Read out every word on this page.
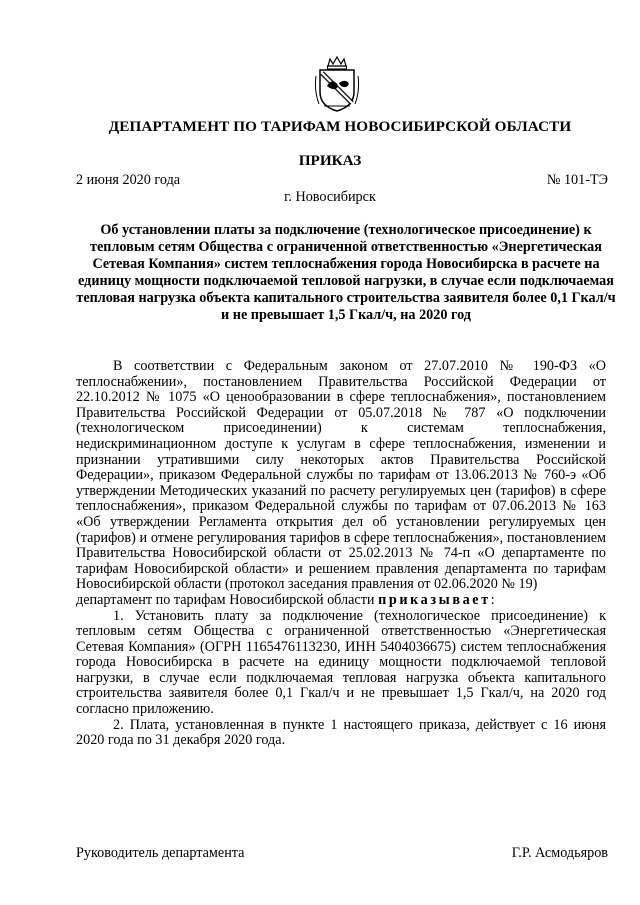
ДЕПАРТАМЕНТ ПО ТАРИФАМ НОВОСИБИРСКОЙ ОБЛАСТИ
ПРИКАЗ
2 июня 2020 года	№ 101-ТЭ
г. Новосибирск
Об установлении платы за подключение (технологическое присоединение) к тепловым сетям Общества с ограниченной ответственностью «Энергетическая Сетевая Компания» систем теплоснабжения города Новосибирска в расчете на единицу мощности подключаемой тепловой нагрузки, в случае если подключаемая тепловая нагрузка объекта капитального строительства заявителя более 0,1 Гкал/ч и не превышает 1,5 Гкал/ч, на 2020 год

В соответствии с Федеральным законом от 27.07.2010 № 190-ФЗ «О теплоснабжении», постановлением Правительства Российской Федерации от 22.10.2012 № 1075 «О ценообразовании в сфере теплоснабжения», постановлением Правительства Российской Федерации от 05.07.2018 № 787 «О подключении (технологическом присоединении) к системам теплоснабжения, недискриминационном доступе к услугам в сфере теплоснабжения, изменении и признании утратившими силу некоторых актов Правительства Российской Федерации», приказом Федеральной службы по тарифам от 13.06.2013 № 760-э «Об утверждении Методических указаний по расчету регулируемых цен (тарифов) в сфере теплоснабжения», приказом Федеральной службы по тарифам от 07.06.2013 № 163 «Об утверждении Регламента открытия дел об установлении регулируемых цен (тарифов) и отмене регулирования тарифов в сфере теплоснабжения», постановлением Правительства Новосибирской области от 25.02.2013 № 74-п «О департаменте по тарифам Новосибирской области» и решением правления департамента по тарифам Новосибирской области (протокол заседания правления от 02.06.2020 № 19)

департамент по тарифам Новосибирской области приказывает:

1. Установить плату за подключение (технологическое присоединение) к тепловым сетям Общества с ограниченной ответственностью «Энергетическая Сетевая Компания» (ОГРН 1165476113230, ИНН 5404036675) систем теплоснабжения города Новосибирска в расчете на единицу мощности подключаемой тепловой нагрузки, в случае если подключаемая тепловая нагрузка объекта капитального строительства заявителя более 0,1 Гкал/ч и не превышает 1,5 Гкал/ч, на 2020 год согласно приложению.

2. Плата, установленная в пункте 1 настоящего приказа, действует с 16 июня 2020 года по 31 декабря 2020 года.

Руководитель департамента	Г.Р. Асмодьяров
